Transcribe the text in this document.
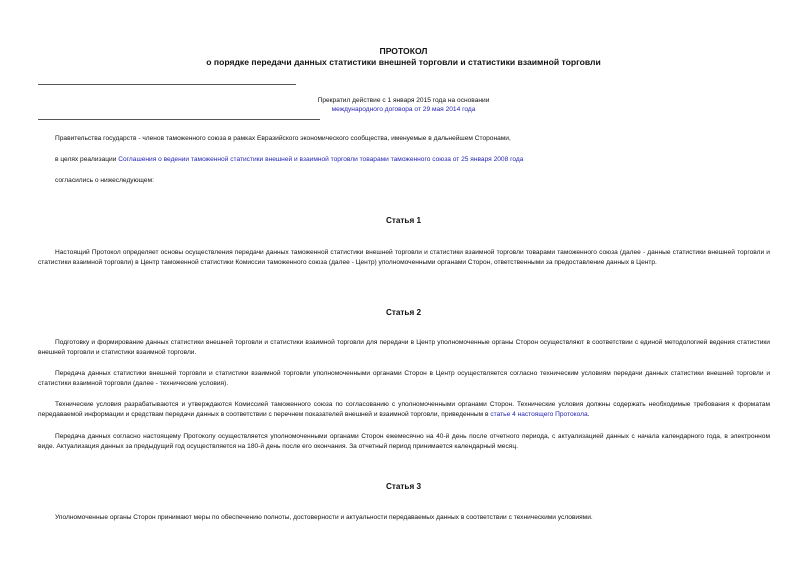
ПРОТОКОЛ
о порядке передачи данных статистики внешней торговли и статистики взаимной торговли
Прекратил действие с 1 января 2015 года на основании
международного договора от 29 мая 2014 года
Правительства государств - членов таможенного союза в рамках Евразийского экономического сообщества, именуемые в дальнейшем Сторонами,
в целях реализации Соглашения о ведении таможенной статистики внешней и взаимной торговли товарами таможенного союза от 25 января 2008 года
согласились о нижеследующем:
Статья 1
Настоящий Протокол определяет основы осуществления передачи данных таможенной статистики внешней торговли и статистики взаимной торговли товарами таможенного союза (далее - данные статистики внешней торговли и статистики взаимной торговли) в Центр таможенной статистики Комиссии таможенного союза (далее - Центр) уполномоченными органами Сторон, ответственными за предоставление данных в Центр.
Статья 2
Подготовку и формирование данных статистики внешней торговли и статистики взаимной торговли для передачи в Центр уполномоченные органы Сторон осуществляют в соответствии с единой методологией ведения статистики внешней торговли и статистики взаимной торговли.
Передача данных статистики внешней торговли и статистики взаимной торговли уполномоченными органами Сторон в Центр осуществляется согласно техническим условиям передачи данных статистики внешней торговли и статистики взаимной торговли (далее - технические условия).
Технические условия разрабатываются и утверждаются Комиссией таможенного союза по согласованию с уполномоченными органами Сторон. Технические условия должны содержать необходимые требования к форматам передаваемой информации и средствам передачи данных в соответствии с перечнем показателей внешней и взаимной торговли, приведенным в статье 4 настоящего Протокола.
Передача данных согласно настоящему Протоколу осуществляется уполномоченными органами Сторон ежемесячно на 40-й день после отчетного периода, с актуализацией данных с начала календарного года, в электронном виде. Актуализация данных за предыдущий год осуществляется на 180-й день после его окончания. За отчетный период принимается календарный месяц.
Статья 3
Уполномоченные органы Сторон принимают меры по обеспечению полноты, достоверности и актуальности передаваемых данных в соответствии с техническими условиями.
